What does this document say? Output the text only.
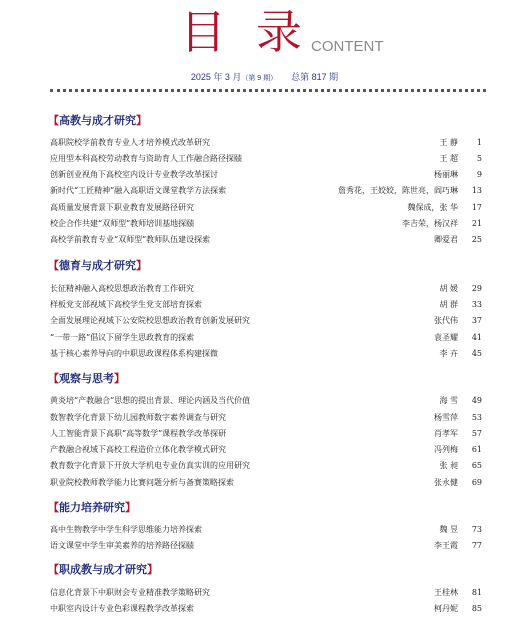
目录
CONTENT
2025 年 3 月（第 9 期） 总第 817 期
【高教与成才研究】
高职院校学前教育专业人才培养模式改革研究	王 静	1
应用型本科高校劳动教育与资助育人工作融合路径探赜	王 超	5
创新创业视角下高校室内设计专业教学改革探讨	杨丽琳	9
新时代“工匠精神”融入高职语文课堂教学方法探索	詹秀花，王姣姣，陈世亮，阎巧琳	13
高质量发展背景下职业教育发展路径研究	魏保成，张 华	17
校企合作共建“双师型”教师培训基地探赜	李吉荣，杨汉祥	21
高校学前教育专业“双师型”教师队伍建设探索	卿爱君	25
【德育与成才研究】
长征精神融入高校思想政治教育工作研究	胡 媛	29
样板党支部视域下高校学生党支部培育探索	胡 群	33
全面发展理论视域下公安院校思想政治教育创新发展研究	张代伟	37
“一带一路”倡议下留学生思政教育的探索	袁圣耀	41
基于核心素养导向的中职思政课程体系构建探微	李 卉	45
【观察与思考】
黄炎培“产教融合”思想的提出背景、理论内涵及当代价值	海 雪	49
数智教学化背景下幼儿园教师数字素养调查与研究	杨雪萍	53
人工智能背景下高职“高等数学”课程教学改革探研	肖孝军	57
产教融合视域下高校工程造价立体化教学模式研究	冯列梅	61
教育数字化背景下开放大学机电专业仿真实训的应用研究	张 昶	65
职业院校教师教学能力比赛问题分析与备赛策略探索	张永健	69
【能力培养研究】
高中生物教学中学生科学思维能力培养探索	魏 昱	73
语文课堂中学生审美素养的培养路径探赜	李王霞	77
【职成教与成才研究】
信息化背景下中职财会专业精准教学策略研究	王桂林	81
中职室内设计专业色彩课程教学改革探索	柯丹妮	85
